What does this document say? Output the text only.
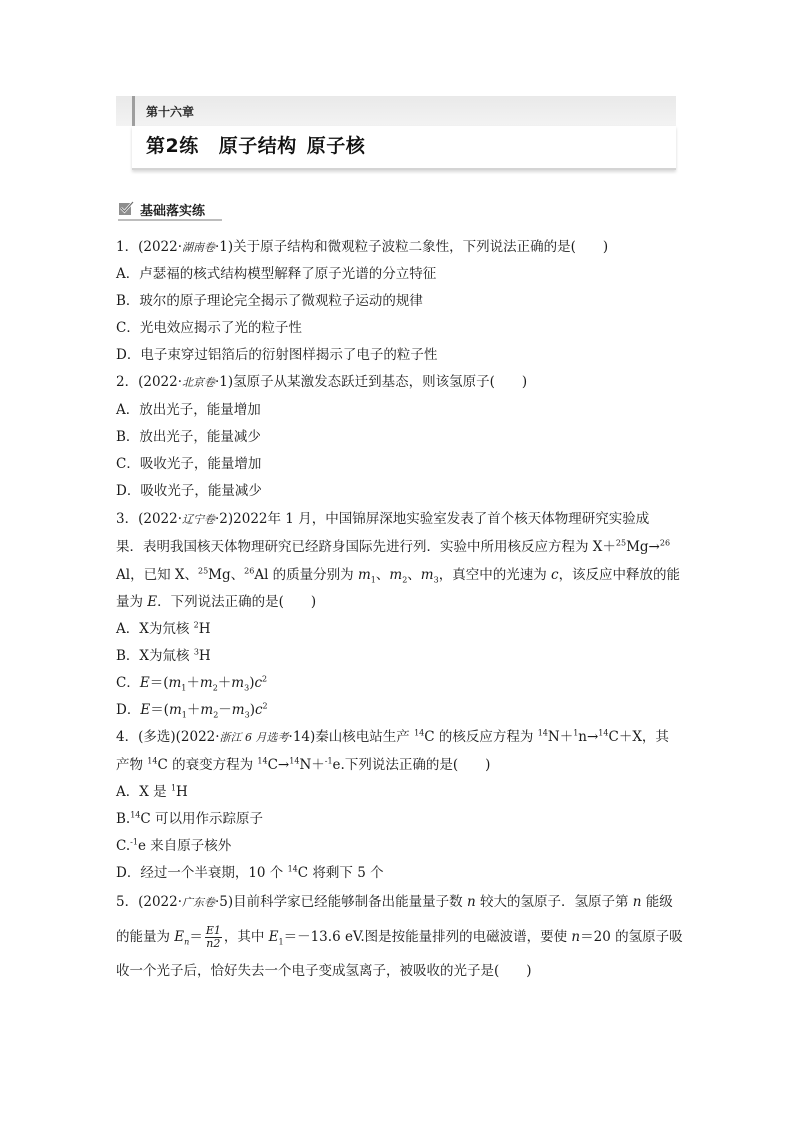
第十六章
第2练 原子结构 原子核
基础落实练
1．(2022·湖南卷·1)关于原子结构和微观粒子波粒二象性，下列说法正确的是(　　)
A．卢瑟福的核式结构模型解释了原子光谱的分立特征
B．玻尔的原子理论完全揭示了微观粒子运动的规律
C．光电效应揭示了光的粒子性
D．电子束穿过铝箔后的衍射图样揭示了电子的粒子性
2．(2022·北京卷·1)氢原子从某激发态跃迁到基态，则该氢原子(　　)
A．放出光子，能量增加
B．放出光子，能量减少
C．吸收光子，能量增加
D．吸收光子，能量减少
3．(2022·辽宁卷·2)2022年 1 月，中国锦屏深地实验室发表了首个核天体物理研究实验成
果．表明我国核天体物理研究已经跻身国际先进行列．实验中所用核反应方程为 X＋$^{25}$Mg→$^{26}$
Al，已知 X、$^{25}$Mg、$^{26}$Al 的质量分别为 $m_1$、$m_2$、$m_3$，真空中的光速为 c，该反应中释放的能
量为 E．下列说法正确的是(　　)
A．X为氘核 $^2$H
B．X为氚核 $^3$H
C．$E=(m_1+m_2+m_3)c^2$
D．$E=(m_1+m_2-m_3)c^2$
4．(多选)(2022·浙江 6 月选考·14)秦山核电站生产 $^{14}$C 的核反应方程为 $^{14}$N＋$^1$n→$^{14}$C＋X，其
产物 $^{14}$C 的衰变方程为 $^{14}$C→$^{14}$N＋$^{-1}$e.下列说法正确的是(　　)
A．X 是 $^1$H
B.$^{14}$C 可以用作示踪原子
C.$^{-1}$e 来自原子核外
D．经过一个半衰期，10 个 $^{14}$C 将剩下 5 个
5．(2022·广东卷·5)目前科学家已经能够制备出能量量子数 n 较大的氢原子．氢原子第 n 能级
的能量为 $E_n= \frac{E1}{n2}$ ，其中 $E_1=-13.6$ eV.图是按能量排列的电磁波谱，要使 n＝20 的氢原子吸
收一个光子后，恰好失去一个电子变成氢离子，被吸收的光子是(　　)
